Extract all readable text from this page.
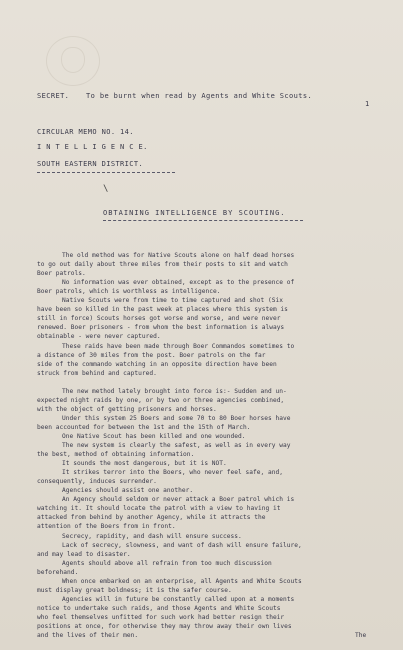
SECRET. To be burnt when read by Agents and White Scouts.
1
CIRCULAR MEMO NO. 14.
I N T E L L I G E N C E.
SOUTH EASTERN DISTRICT.
\
OBTAINING INTELLIGENCE BY SCOUTING.
The old method was for Native Scouts alone on half dead horses
to go out daily about three miles from their posts to sit and watch
Boer patrols.
No information was ever obtained, except as to the presence of
Boer patrols, which is worthless as intelligence.
Native Scouts were from time to time captured and shot (Six
have been so killed in the past week at places where this system is
still in force) Scouts horses got worse and worse, and were never
renewed. Boer prisoners - from whom the best information is always
obtainable - were never captured.
These raids have been made through Boer Commandos sometimes to
a distance of 30 miles from the post. Boer patrols on the far
side of the commando watching in an opposite direction have been
struck from behind and captured.
The new method lately brought into force is:- Sudden and un-
expected night raids by one, or by two or three agencies combined,
with the object of getting prisoners and horses.
Under this system 25 Boers and some 70 to 80 Boer horses have
been accounted for between the 1st and the 15th of March.
One Native Scout has been killed and one wounded.
The new system is clearly the safest, as well as in every way
the best, method of obtaining information.
It sounds the most dangerous, but it is NOT.
It strikes terror into the Boers, who never feel safe, and,
consequently, induces surrender.
Agencies should assist one another.
An Agency should seldom or never attack a Boer patrol which is
watching it. It should locate the patrol with a view to having it
attacked from behind by another Agency, while it attracts the
attention of the Boers from in front.
Secrecy, rapidity, and dash will ensure success.
Lack of secrecy, slowness, and want of dash will ensure failure,
and may lead to disaster.
Agents should above all refrain from too much discussion
beforehand.
When once embarked on an enterprise, all Agents and White Scouts
must display great boldness; it is the safer course.
Agencies will in future be constantly called upon at a moments
notice to undertake such raids, and those Agents and White Scouts
who feel themselves unfitted for such work had better resign their
positions at once, for otherwise they may throw away their own lives
and the lives of their men.	The
